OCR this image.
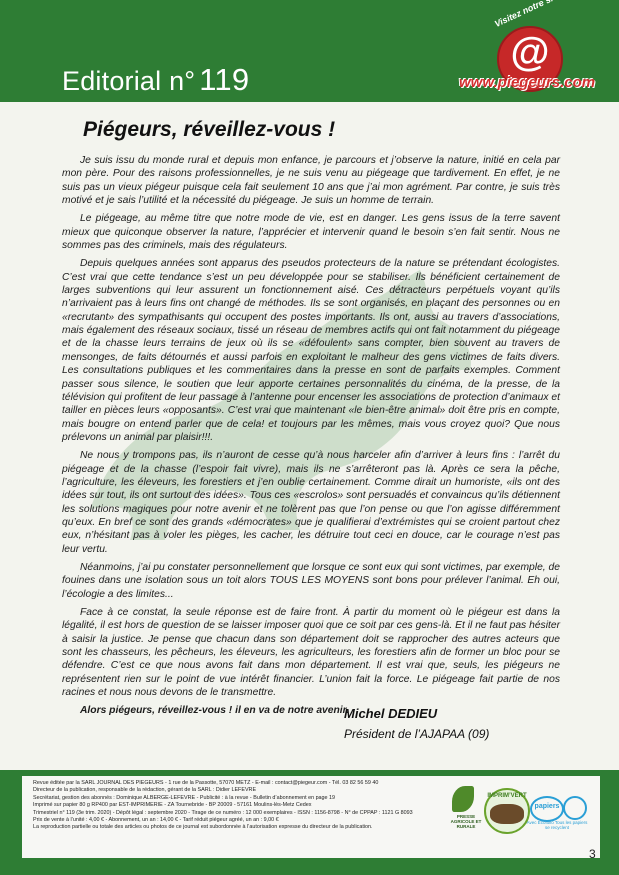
Editorial n° 119
@
www.piegeurs.com
Piégeurs, réveillez-vous !

Je suis issu du monde rural et depuis mon enfance, je parcours et j’observe la nature, initié en cela par mon père. Pour des raisons professionnelles, je ne suis venu au piégeage que tardivement. En effet, je ne suis pas un vieux piégeur puisque cela fait seulement 10 ans que j’ai mon agrément. Par contre, je suis très motivé et je sais l’utilité et la nécessité du piégeage. Je suis un homme de terrain.

Le piégeage, au même titre que notre mode de vie, est en danger. Les gens issus de la terre savent mieux que quiconque observer la nature, l’apprécier et intervenir quand le besoin s’en fait sentir. Nous ne sommes pas des criminels, mais des régulateurs.

Depuis quelques années sont apparus des pseudos protecteurs de la nature se prétendant écologistes. C’est vrai que cette tendance s’est un peu développée pour se stabiliser. Ils bénéficient certainement de larges subventions qui leur assurent un fonctionnement aisé. Ces détracteurs perpétuels voyant qu’ils n’arrivaient pas à leurs fins ont changé de méthodes. Ils se sont organisés, en plaçant des personnes ou en «recrutant» des sympathisants qui occupent des postes importants. Ils ont, aussi au travers d’associations, mais également des réseaux sociaux, tissé un réseau de membres actifs qui ont fait notamment du piégeage et de la chasse leurs terrains de jeux où ils se «défoulent» sans compter, bien souvent au travers de mensonges, de faits détournés et aussi parfois en exploitant le malheur des gens victimes de faits divers. Les consultations publiques et les commentaires dans la presse en sont de parfaits exemples. Comment passer sous silence, le soutien que leur apporte certaines personnalités du cinéma, de la presse, de la télévision qui profitent de leur passage à l’antenne pour encenser les associations de protection d’animaux et tailler en pièces leurs «opposants». C’est vrai que maintenant «le bien-être animal» doit être pris en compte, mais bougre on entend parler que de cela! et toujours par les mêmes, mais vous croyez quoi? Que nous prélevons un animal par plaisir!!!.

Ne nous y trompons pas, ils n’auront de cesse qu’à nous harceler afin d’arriver à leurs fins : l’arrêt du piégeage et de la chasse (l’espoir fait vivre), mais ils ne s’arrêteront pas là. Après ce sera la pêche, l’agriculture, les éleveurs, les forestiers et j’en oublie certainement. Comme dirait un humoriste, «ils ont des idées sur tout, ils ont surtout des idées». Tous ces «escrolos» sont persuadés et convaincus qu’ils détiennent les solutions magiques pour notre avenir et ne tolèrent pas que l’on pense ou que l’on agisse différemment qu’eux. En bref ce sont des grands «démocrates» que je qualifierai d’extrémistes qui se croient partout chez eux, n’hésitant pas à voler les pièges, les cacher, les détruire tout ceci en douce, car le courage n’est pas leur vertu.

Néanmoins, j’ai pu constater personnellement que lorsque ce sont eux qui sont victimes, par exemple, de fouines dans une isolation sous un toit alors TOUS LES MOYENS sont bons pour prélever l’animal. Eh oui, l’écologie a des limites...

Face à ce constat, la seule réponse est de faire front. À partir du moment où le piégeur est dans la légalité, il est hors de question de se laisser imposer quoi que ce soit par ces gens-là. Et il ne faut pas hésiter à saisir la justice. Je pense que chacun dans son département doit se rapprocher des autres acteurs que sont les chasseurs, les pêcheurs, les éleveurs, les agriculteurs, les forestiers afin de former un bloc pour se défendre. C’est ce que nous avons fait dans mon département. Il est vrai que, seuls, les piégeurs ne représentent rien sur le point de vue intérêt financier. L’union fait la force. Le piégeage fait partie de nos racines et nous nous devons de le transmettre.

Alors piégeurs, réveillez-vous ! il en va de notre avenir.

Michel DEDIEU
Président de l’AJAPAA (09)
Revue éditée par la SARL JOURNAL DES PIEGEURS - 1 rue de la Passotte, 57070 METZ - E-mail : contact@piegeur.com - Tél. 03 82 56 59 40
Directeur de la publication, responsable de la rédaction, gérant de la SARL : Didier LEFEVRE
Secrétariat, gestion des abonnés : Dominique ALBERGE-LEFEVRE - Publicité : à la revue - Bulletin d’abonnement en page 19
Imprimé sur papier 80 g RP400 par EST-IMPRIMERIE - ZA Tournebride - BP 20009 - 57161 Moulins-lès-Metz Cedex
Trimestriel n° 119 (3e trim. 2020) - Dépôt légal : septembre 2020 - Tirage de ce numéro : 12 000 exemplaires - ISSN : 1156-8798 - N° de CPPAP : 1121 G 8093
Prix de vente à l’unité : 4,00 € - Abonnement, un an : 14,00 € - Tarif réduit piégeur agréé, un an : 9,00 €
La reproduction partielle ou totale des articles ou photos de ce journal est subordonnée à l’autorisation expresse du directeur de la publication.
PRESSE AGRICOLE ET RURALE
IMPRIM’VERT
papiers
Avec Ecofolio Tous les papiers se recyclent
3
